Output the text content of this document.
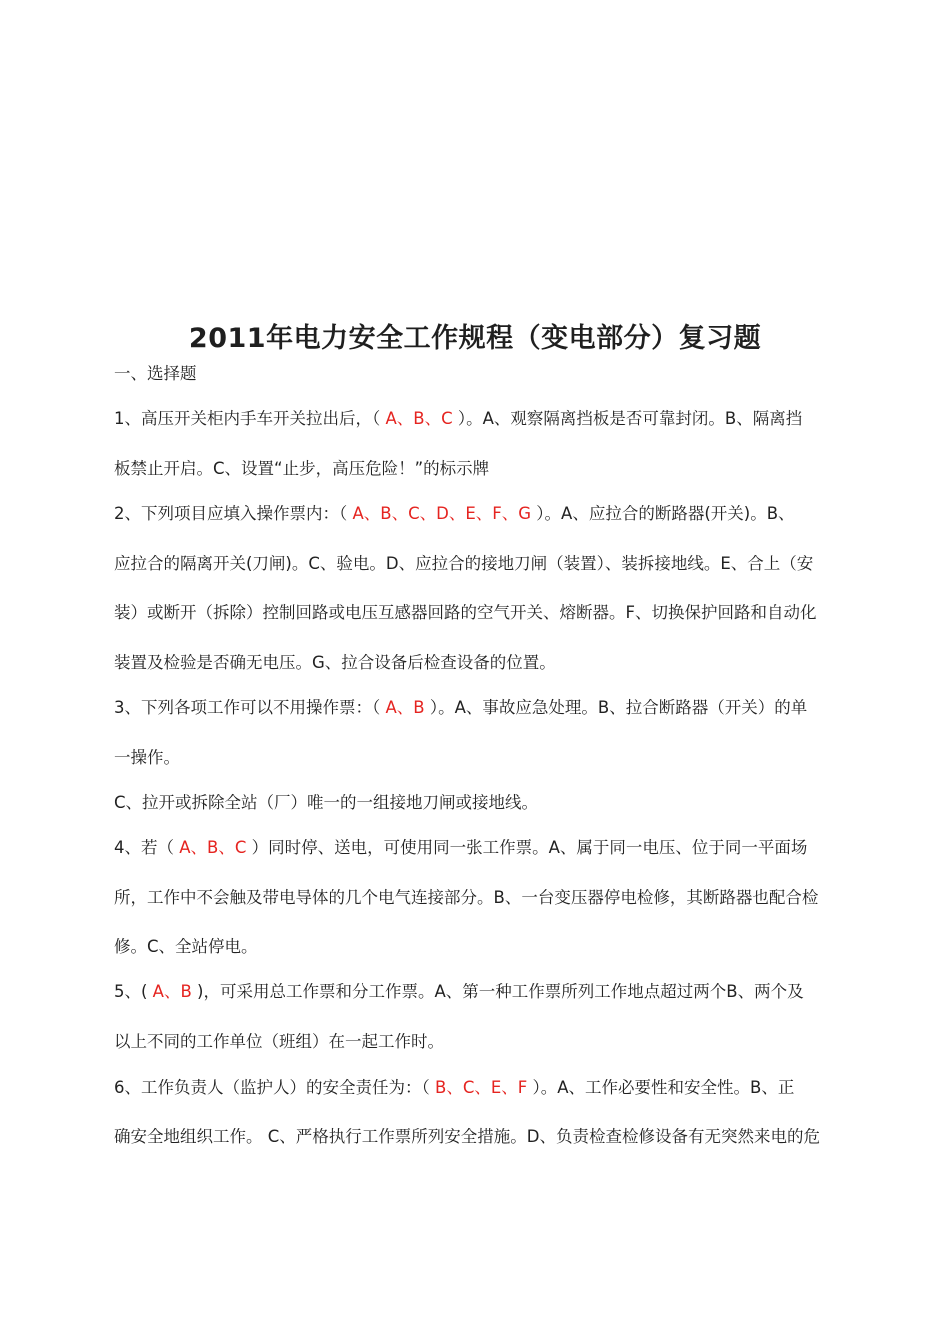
2011年电力安全工作规程（变电部分）复习题
一、选择题
1、高压开关柜内手车开关拉出后，（ A、B、C ）。A、观察隔离挡板是否可靠封闭。B、隔离挡
板禁止开启。C、设置“止步，高压危险！”的标示牌
2、下列项目应填入操作票内：（ A、B、C、D、E、F、G ）。A、应拉合的断路器(开关)。B、
应拉合的隔离开关(刀闸)。C、验电。D、应拉合的接地刀闸（装置）、装拆接地线。E、合上（安
装）或断开（拆除）控制回路或电压互感器回路的空气开关、熔断器。F、切换保护回路和自动化
装置及检验是否确无电压。G、拉合设备后检查设备的位置。
3、下列各项工作可以不用操作票：（ A、B ）。A、事故应急处理。B、拉合断路器（开关）的单
一操作。
C、拉开或拆除全站（厂）唯一的一组接地刀闸或接地线。
4、若（ A、B、C ）同时停、送电，可使用同一张工作票。A、属于同一电压、位于同一平面场
所，工作中不会触及带电导体的几个电气连接部分。B、一台变压器停电检修，其断路器也配合检
修。C、全站停电。
5、( A、B )，可采用总工作票和分工作票。A、第一种工作票所列工作地点超过两个B、两个及
以上不同的工作单位（班组）在一起工作时。
6、工作负责人（监护人）的安全责任为：（ B、C、E、F ）。A、工作必要性和安全性。B、正
确安全地组织工作。 C、严格执行工作票所列安全措施。D、负责检查检修设备有无突然来电的危
